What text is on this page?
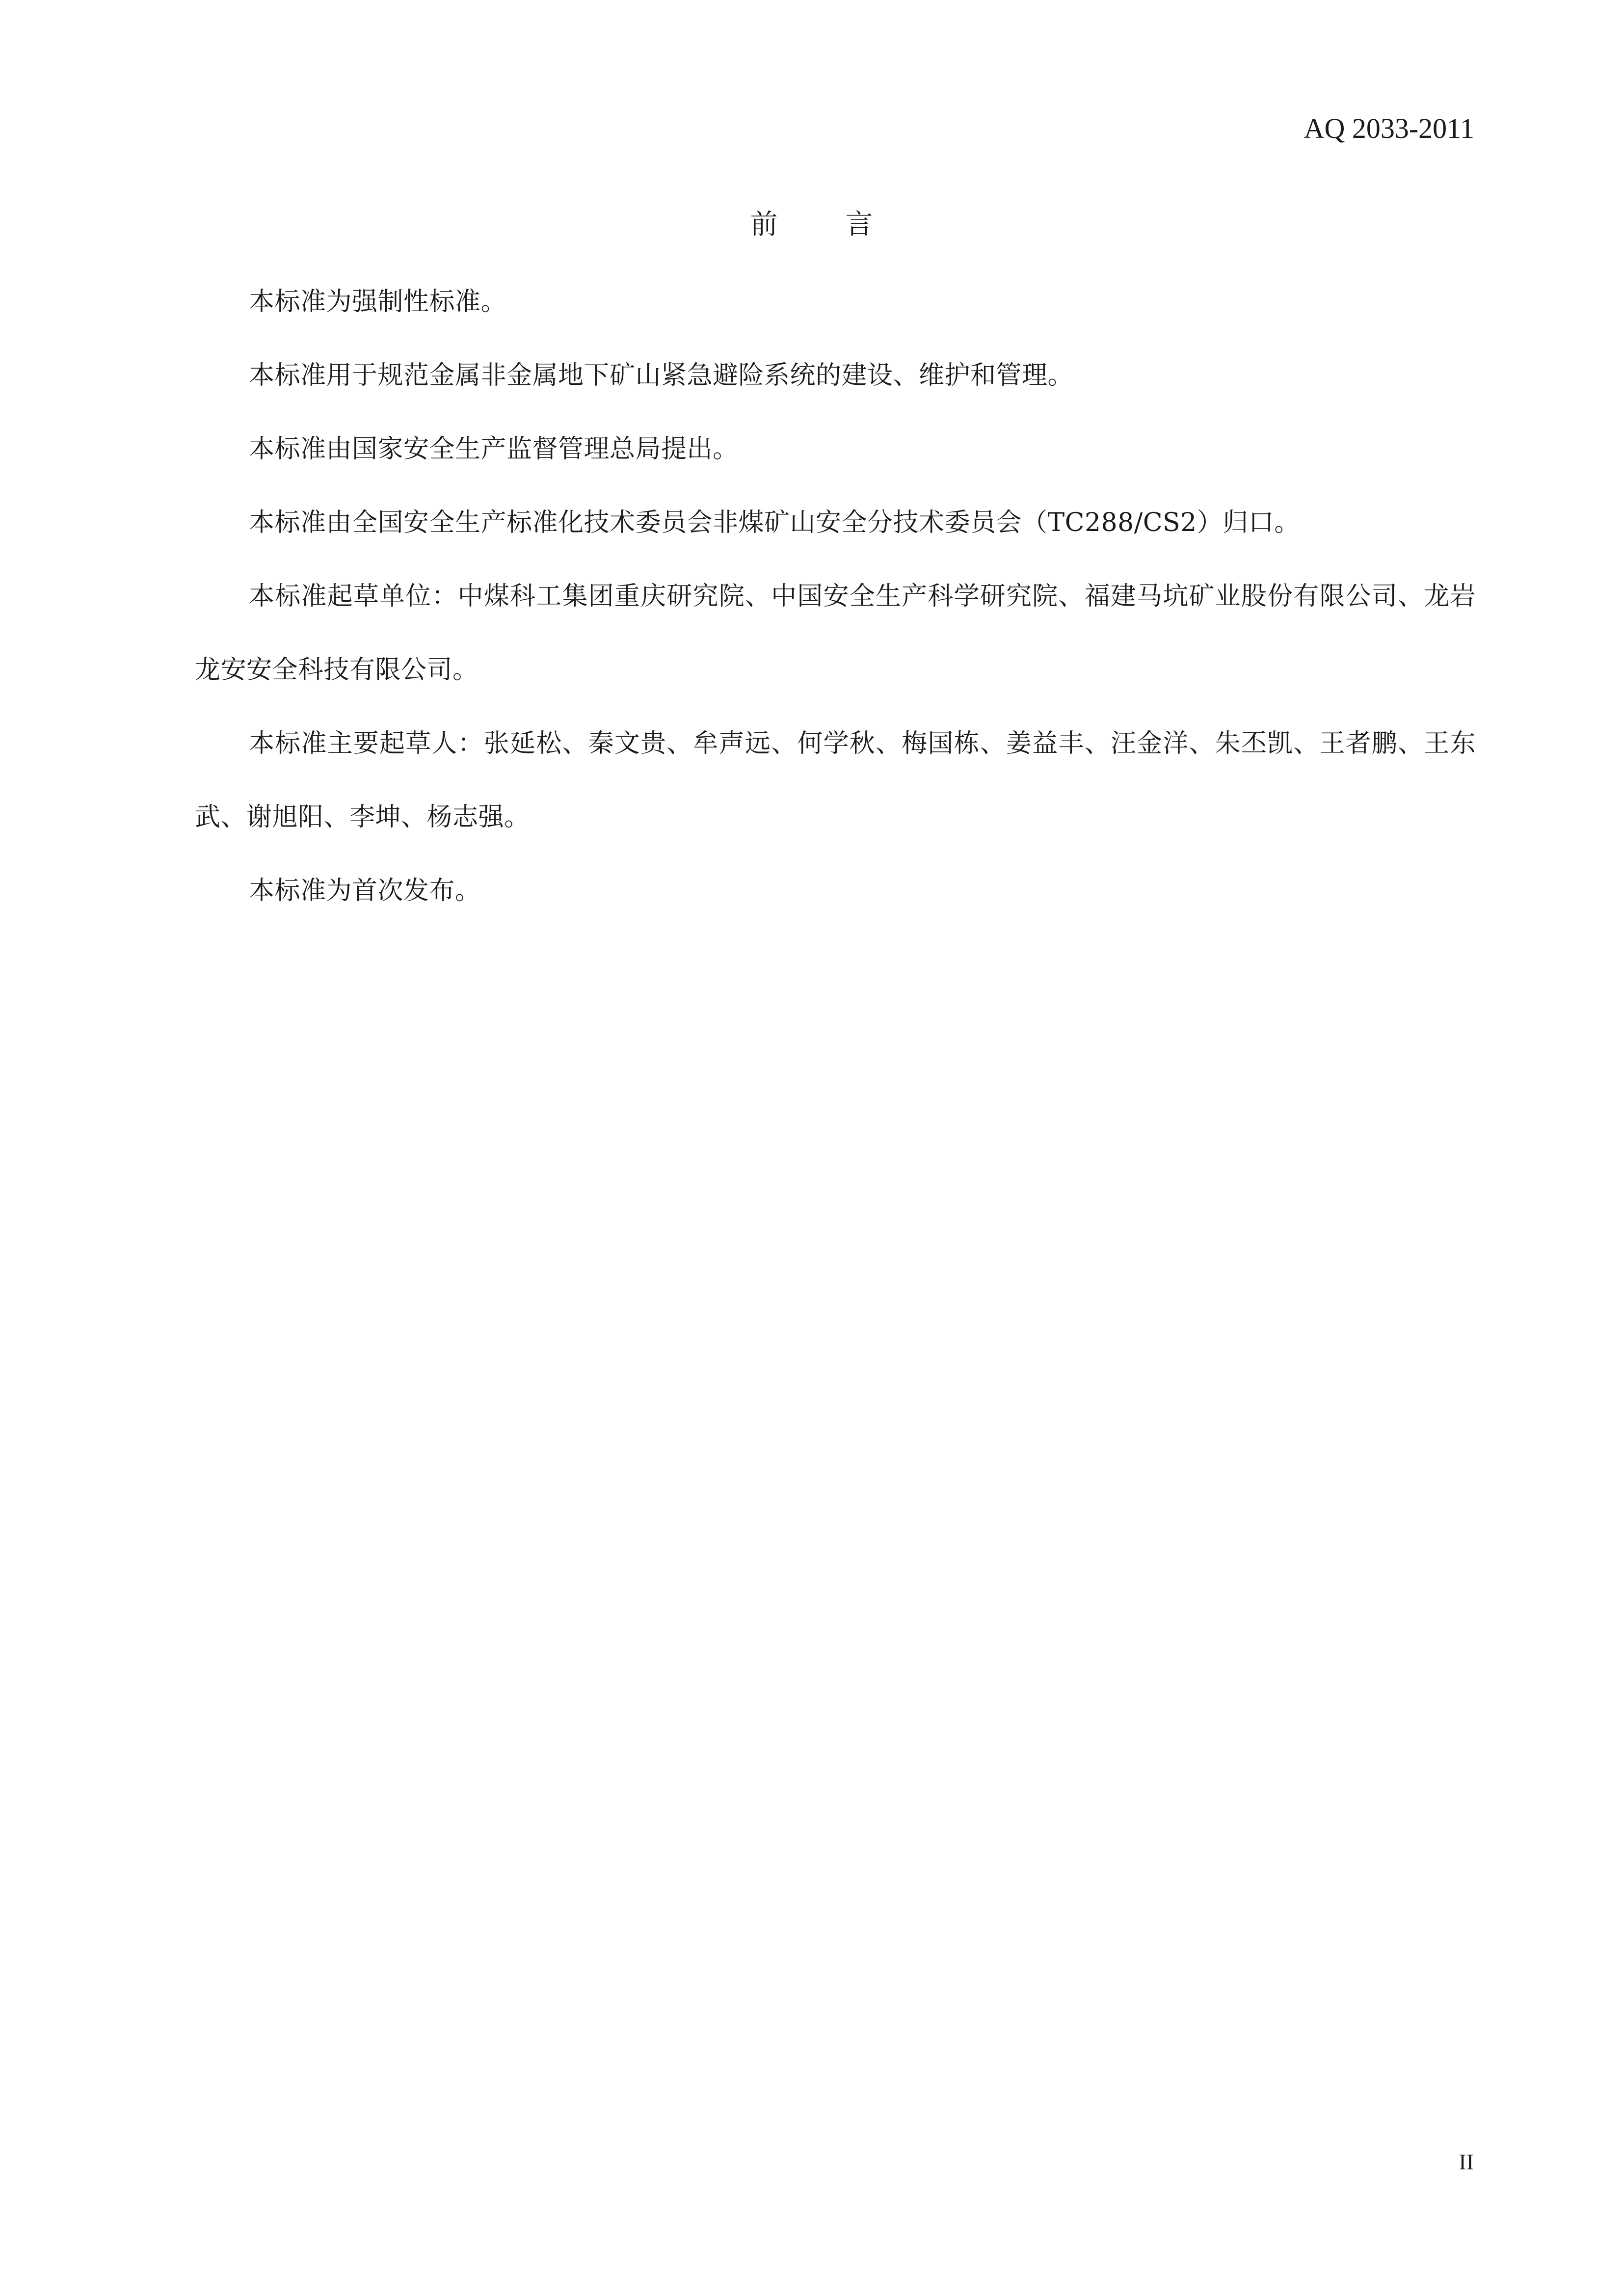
AQ 2033-2011
前 言

本标准为强制性标准。

本标准用于规范金属非金属地下矿山紧急避险系统的建设、维护和管理。

本标准由国家安全生产监督管理总局提出。

本标准由全国安全生产标准化技术委员会非煤矿山安全分技术委员会（TC288/CS2）归口。

本标准起草单位：中煤科工集团重庆研究院、中国安全生产科学研究院、福建马坑矿业股份有限公司、龙岩龙安安全科技有限公司。

本标准主要起草人：张延松、秦文贵、牟声远、何学秋、梅国栋、姜益丰、汪金洋、朱丕凯、王者鹏、王东武、谢旭阳、李坤、杨志强。

本标准为首次发布。

II
